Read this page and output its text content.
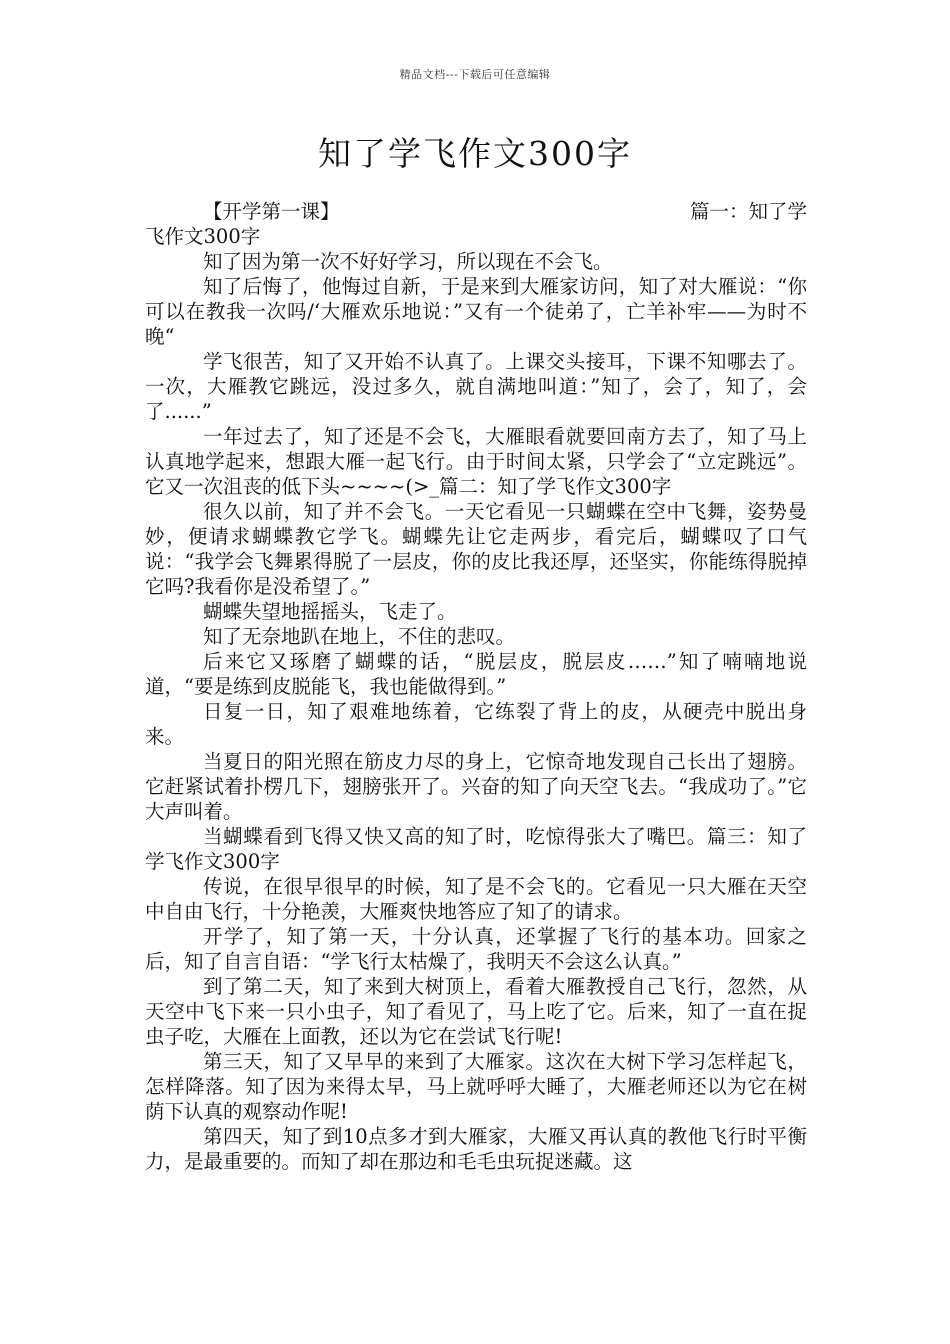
精品文档---下载后可任意编辑
知了学飞作文300字
【开学第一课】	篇一：知了学

飞作文300字

知了因为第一次不好好学习，所以现在不会飞。

知了后悔了，他悔过自新，于是来到大雁家访问，知了对大雁说：“你可以在教我一次吗/‘大雁欢乐地说：”又有一个徒弟了，亡羊补牢——为时不晚“

学飞很苦，知了又开始不认真了。上课交头接耳，下课不知哪去了。一次，大雁教它跳远，没过多久，就自满地叫道：”知了，会了，知了，会了......”

一年过去了，知了还是不会飞，大雁眼看就要回南方去了，知了马上认真地学起来，想跟大雁一起飞行。由于时间太紧，只学会了“立定跳远”。它又一次沮丧的低下头~~~~(>_篇二：知了学飞作文300字

很久以前，知了并不会飞。一天它看见一只蝴蝶在空中飞舞，姿势曼妙，便请求蝴蝶教它学飞。蝴蝶先让它走两步，看完后，蝴蝶叹了口气说：“我学会飞舞累得脱了一层皮，你的皮比我还厚，还坚实，你能练得脱掉它吗?我看你是没希望了。”

蝴蝶失望地摇摇头，飞走了。

知了无奈地趴在地上，不住的悲叹。

后来它又琢磨了蝴蝶的话，“脱层皮，脱层皮……”知了喃喃地说道，“要是练到皮脱能飞，我也能做得到。”

日复一日，知了艰难地练着，它练裂了背上的皮，从硬壳中脱出身来。

当夏日的阳光照在筋皮力尽的身上，它惊奇地发现自己长出了翅膀。它赶紧试着扑楞几下，翅膀张开了。兴奋的知了向天空飞去。“我成功了。”它大声叫着。

当蝴蝶看到飞得又快又高的知了时，吃惊得张大了嘴巴。篇三：知了学飞作文300字

传说，在很早很早的时候，知了是不会飞的。它看见一只大雁在天空中自由飞行，十分艳羡，大雁爽快地答应了知了的请求。

开学了，知了第一天，十分认真，还掌握了飞行的基本功。回家之后，知了自言自语：“学飞行太枯燥了，我明天不会这么认真。”

到了第二天，知了来到大树顶上，看着大雁教授自己飞行，忽然，从天空中飞下来一只小虫子，知了看见了，马上吃了它。后来，知了一直在捉虫子吃，大雁在上面教，还以为它在尝试飞行呢!

第三天，知了又早早的来到了大雁家。这次在大树下学习怎样起飞，怎样降落。知了因为来得太早，马上就呼呼大睡了，大雁老师还以为它在树荫下认真的观察动作呢!

第四天，知了到10点多才到大雁家，大雁又再认真的教他飞行时平衡力，是最重要的。而知了却在那边和毛毛虫玩捉迷藏。这
